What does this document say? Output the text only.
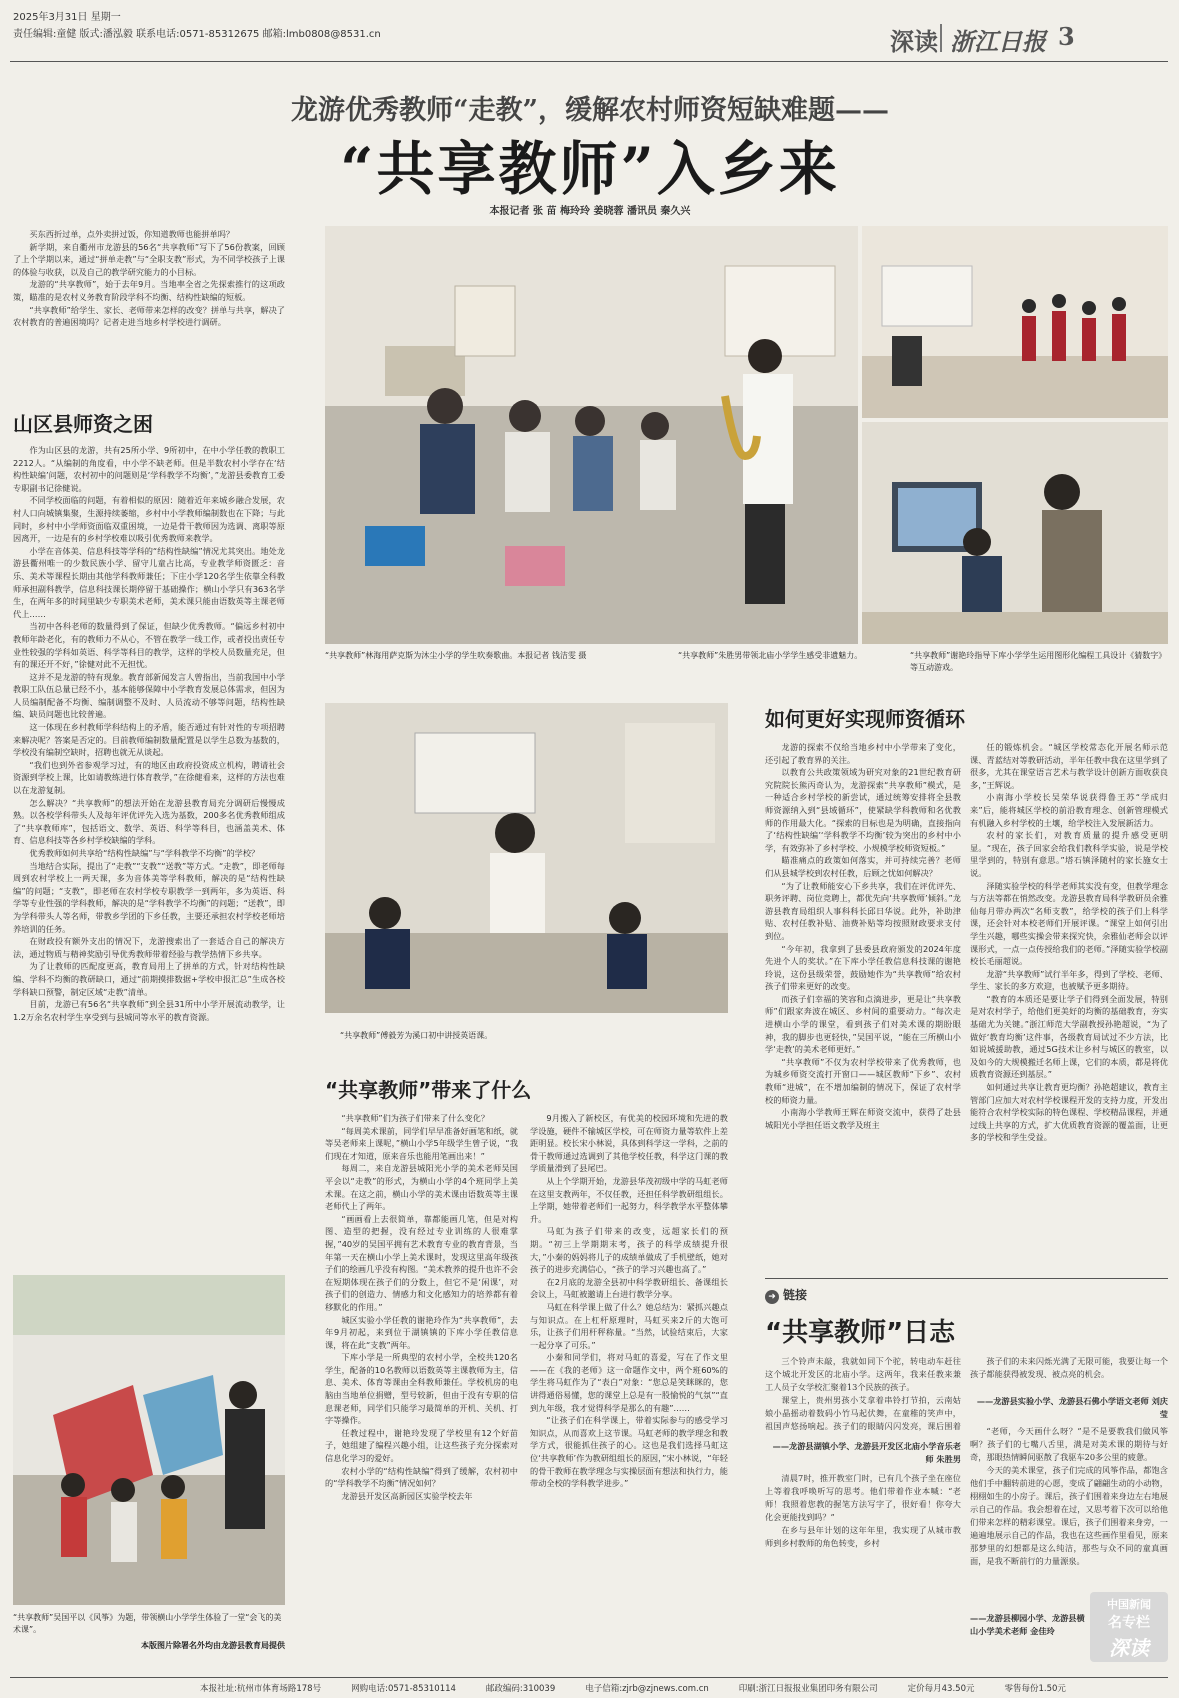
2025年3月31日 星期一
责任编辑:童健 版式:潘泓毅 联系电话:0571-85312675 邮箱:lmb0808@8531.cn	深读 浙江日报 3
龙游优秀教师“走教”，缓解农村师资短缺难题——
“共享教师”入乡来
本报记者 张 苗 梅玲玲 姜晓蓉 潘讯员 秦久兴

买东西折过单，点外卖拼过饭，你知道教师也能拼单吗？

新学期，来自衢州市龙游县的56名“共享教师”写下了56份教案，回顾了上个学期以来，通过“拼单走教”与“全职支教”形式，为不同学校孩子上课的体验与收获，以及自己的教学研究能力的小目标。

龙游的“共享教师”，始于去年9月。当地率全省之先探索推行的这项政策，瞄准的是农村义务教育阶段学科不均衡、结构性缺编的短板。

“共享教师”给学生、家长、老师带来怎样的改变？拼单与共享，解决了农村教育的普遍困境吗？记者走进当地乡村学校进行调研。

山区县师资之困

作为山区县的龙游，共有25所小学、9所初中，在中小学任教的教职工2212人。“从编制的角度看，中小学不缺老师。但是半数农村小学存在‘结构性缺编’问题，农村初中的问题则是‘学科教学不均衡’，”龙游县委教育工委专职副书记徐健说。

不同学校面临的问题，有着相似的原因：随着近年来城乡融合发展，农村人口向城镇集聚，生源持续萎缩，乡村中小学教师编制数也在下降；与此同时，乡村中小学师资面临双重困境，一边是骨干教师因为选调、离职等原因离开，一边是有的乡村学校难以吸引优秀教师来教学。

小学在音体美、信息科技等学科的“结构性缺编”情况尤其突出。地处龙游县衢州唯一的少数民族小学、留守儿童占比高，专业教学师资匮乏：音乐、美术等课程长期由其他学科教师兼任；下庄小学120名学生依靠全科教师承担副科教学，信息科技课长期停留于基础操作；横山小学只有363名学生，在两年多的时间里缺少专职美术老师，美术课只能由语数英等主课老师代上……

当初中各科老师的数量得到了保证，但缺少优秀教师。“偏远乡村初中教师年龄老化，有的教师力不从心，不管在教学一线工作，或者投出责任专业性较强的学科如英语、科学等科目的教学，这样的学校人员数量充足，但有的课还开不好，”徐健对此不无担忧。

这并不是龙游的特有现象。教育部新闻发言人曾指出，当前我国中小学教职工队伍总量已经不小，基本能够保障中小学教育发展总体需求，但因为人员编制配备不均衡、编制调整不及时、人员流动不够等问题，结构性缺编、缺员问题也比较普遍。

这一体现在乡村教师学科结构上的矛盾，能否通过有针对性的专项招聘来解决呢？答案是否定的。目前教师编制数量配置是以学生总数为基数的，学校没有编制空缺时，招聘也就无从谈起。

“我们也到外省参观学习过，有的地区由政府投资成立机构，聘请社会资源到学校上课，比如请教练进行体育教学，”在徐健看来，这样的方法也难以在龙游复制。

怎么解决？“共享教师”的想法开始在龙游县教育局充分调研后慢慢成熟。以各校学科带头人及每年评优评先入选为基数，200多名优秀教师组成了“共享教师库”，包括语文、数学、英语、科学等科目，也涵盖美术、体育、信息科技等各乡村学校缺编的学科。

优秀教师如何共享给“结构性缺编”与“学科教学不均衡”的学校？

当地结合实际，提出了“走教”“支教”“送教”等方式。“走教”，即老师每周到农村学校上一两天课，多为音体美等学科教师，解决的是“结构性缺编”的问题；“支教”，即老师在农村学校专职教学一到两年，多为英语、科学等专业性强的学科教师，解决的是“学科教学不均衡”的问题；“送教”，即为学科带头人等名师，带教乡学团的下乡任教，主要还承担农村学校老师培养培训的任务。

在财政投有额外支出的情况下，龙游搜索出了一套适合自己的解决方法，通过物质与精神奖励引导优秀教师带着经验与教学热情下乡共享。

为了让教师的匹配度更高，教育局用上了拼单的方式，针对结构性缺编、学科不均衡的教研缺口，通过“前期摸排数据+学校申报汇总”生成各校学科缺口预警，制定区域“走教”清单。

目前，龙游已有56名“共享教师”到全县31所中小学开展流动教学，让1.2万余名农村学生享受到与县城同等水平的教育资源。

“共享教师”林海用萨克斯为沐尘小学的学生吹奏歌曲。本报记者 钱洁雯 摄	“共享教师”朱胜男带领北庙小学学生感受非遗魅力。	“共享教师”谢艳玲指导下库小学学生运用图形化编程工具设计《猜数字》等互动游戏。
“共享教师”傅毅芳为溪口初中讲授英语课。
如何更好实现师资循环

龙游的探索不仅给当地乡村中小学带来了变化，还引起了教育界的关注。

以教育公共政策领域为研究对象的21世纪教育研究院院长熊丙奇认为，龙游探索“共享教师”模式，是一种适合乡村学校的新尝试，通过统筹安排将全县教师资源纳入到“县域循环”，使紧缺学科教师和名优教师的作用最大化。“探索的目标也是为明确，直接指向了‘结构性缺编’‘学科教学不均衡’较为突出的乡村中小学，有效弥补了乡村学校、小规模学校师资短板。”

瞄准痛点的政策如何落实，并可持续完善？老师们从县城学校到农村任教，后顾之忧如何解决？

“为了让教师能安心下乡共享，我们在评优评先、职务评聘、岗位竞聘上，都优先向‘共享教师’倾斜。”龙游县教育局组织人事科科长邱日华说。此外，补助津贴、农村任教补贴、油费补贴等均按照财政要求支付到位。

“今年初，我拿到了县委县政府颁发的2024年度先进个人的奖状。”在下库小学任教信息科技课的谢艳玲说，这份县级荣誉，鼓励她作为“共享教师”给农村孩子们带来更好的改变。

而孩子们幸福的笑容和点滴进步，更是让“共享教师”们跟家奔波在城区、乡村间的重要动力。“每次走进横山小学的课堂，看到孩子们对美术课的期盼眼神，我的脚步也更轻快，”吴国平说，“能在三所横山小学‘走教’的美术老师更好。”

“共享教师”不仅为农村学校带来了优秀教师，也为城乡师资交流打开窗口——城区教师“下乡”、农村教师“进城”，在不增加编制的情况下，保证了农村学校的师资力量。

小南海小学教师王辉在师资交流中，获得了赴县城阳光小学担任语文教学及班主

任的锻炼机会。“城区学校常态化开展名师示范课、青蓝结对等教研活动，半年任教中我在这里学到了很多，尤其在课堂语言艺术与教学设计创新方面收获良多，”王辉说。

小南海小学校长吴荣华说获得鲁王苏“学成归来”后，能将城区学校的前沿教育理念、创新管理模式有机融入乡村学校的土壤，给学校注入发展新活力。

农村的家长们，对教育质量的提升感受更明显。“现在，孩子回家会给我们教科学实验，说是学校里学到的，特别有意思。”塔石镇泽随村的家长施女士说。

泽随实验学校的科学老师其实没有变，但教学理念与方法等都在悄然改变。龙游县教育局科学教研员余雅仙每月带办两次“名师支教”，给学校的孩子们上科学课，还会针对本校老师们开展评课。“课堂上如何引出学生兴趣，哪些实操会带来探究快，余雅仙老师会以评课形式，一点一点传授给我们的老师。”泽随实验学校副校长毛丽超说。

龙游“共享教师”试行半年多，得到了学校、老师、学生、家长的多方欢迎，也被赋予更多期待。

“教育的本质还是要让学子们得到全面发展，特别是对农村学子，给他们更美好的均衡的基础教育，夯实基础尤为关键。”浙江师范大学副教授孙艳超说，“为了做好‘教育均衡’这件事，各级教育局试过不少方法，比如说城援助教，通过5G技术让乡村与城区的教室，以及如今的大规模搬迁名师上课，它们的本质，都是将优质教育资源还到基层。”

如何通过共享让教育更均衡？孙艳超建议，教育主管部门应加大对农村学校课程开发的支持力度，开发出能符合农村学校实际的特色课程、学校精品课程，并通过线上共享的方式，扩大优质教育资源的覆盖面，让更多的学校和学生受益。

“共享教师”吴国平以《风筝》为题，带领横山小学学生体验了一堂“会飞的美术课”。
本版图片除署名外均由龙游县教育局提供
“共享教师”带来了什么

“共享教师”们为孩子们带来了什么变化？

“每周美术课前，同学们早早准备好画笔和纸，就等吴老师来上课呢，”横山小学5年级学生曾子说，“我们现在才知道，原来音乐也能用笔画出来！”

每周二，来自龙游县城阳光小学的美术老师吴国平会以“走教”的形式，为横山小学的4个班同学上美术课。在这之前，横山小学的美术课由语数英等主课老师代上了两年。

“画画看上去很简单，靠都能画几笔，但是对构图、造型的把握，没有经过专业训练的人很难掌握，”40岁的吴国平拥有艺术教育专业的教育背景，当年第一天在横山小学上美术课时，发现这里高年级孩子们的绘画几乎没有构图。“美术教养的提升也许不会在短期体现在孩子们的分数上，但它不是‘闲课’，对孩子们的创造力、情感力和文化感知力的培养都有着移默化的作用。”

城区实验小学任教的谢艳玲作为“共享教师”，去年9月初起，来到位于湖镇镇的下库小学任教信息课，将在此“支教”两年。

下库小学是一所典型的农村小学，全校共120名学生，配备的10名教师以语数英等主课教师为主，信息、美术、体育等课由全科教师兼任。学校机房的电脑由当地单位捐赠，型号较新，但由于没有专职的信息课老师，同学们只能学习最简单的开机、关机、打字等操作。

任教过程中，谢艳玲发现了学校里有12个好苗子，她组建了编程兴趣小组，让这些孩子充分探索对信息化学习的爱好。

农村小学的“结构性缺编”得到了缓解，农村初中的“学科教学不均衡”情况如何？

龙游县开发区高新园区实验学校去年

9月搬入了新校区，有优美的校园环境和先进的教学设施，硬件不输城区学校，可在师资力量等软件上差距明显。校长宋小林说，具体到科学这一学科，之前的骨干教师通过选调到了其他学校任教，科学这门课的教学质量滑到了县尾巴。

从上个学期开始，龙游县华茂初级中学的马虹老师在这里支教两年，不仅任教，还担任科学教研组组长。上学期，她带着老师们一起努力，科学教学水平整体攀升。

马虹为孩子们带来的改变，远超家长们的预期。“初三上学期期末考，孩子的科学成绩提升很大，”小秦的妈妈将儿子的成绩单做成了手机壁纸，她对孩子的进步充满信心，“孩子的学习兴趣也高了。”

在2月底的龙游全县初中科学教研组长、备课组长会议上，马虹被邀请上台进行教学分享。

马虹在科学课上做了什么？她总结为：紧抓兴趣点与知识点。在上杠杆原理时，马虹买来2斤的大饱可乐，让孩子们用杆秤称量。“当然，试验结束后，大家一起分享了可乐。”

小秦和同学们，将对马虹的喜爱，写在了作文里——在《我的老师》这一命题作文中，两个班60%的学生将马虹作为了“表白”对象：“您总是笑眯眯的，您讲得通俗易懂，您的课堂上总是有一股愉悦的气氛”“直到九年级，我才觉得科学是那么的有趣”……

“让孩子们在科学课上，带着实际参与的感受学习知识点，从而喜欢上这节课。马虹老师的教学理念和教学方式，很能抓住孩子的心。这也是我们选择马虹这位‘共享教师’作为教研组组长的原因，”宋小林说，“年轻的骨干教师在教学理念与实操层面有想法和执行力，能带动全校的学科教学进步。”

➜ 链接
“共享教师”日志

三个铃声未敲，我就如同下个驼，转电动车赶往这个城北开发区的北庙小学。这两年，我来任教来兼工人员子女学校汇聚着13个民族的孩子。

课堂上，贵州男孩小艾拿着串铃打节拍，云南姑娘小晶摇动着数码小竹马起伏舞，在童稚的笑声中，祖国声悠扬响起。孩子们的眼睛闪闪发亮，课后围着

——龙游县湖镇小学、龙游县开发区北庙小学音乐老师 朱胜男

清晨7时，推开教室门时，已有几个孩子坐在座位上等着我呼唤听写的思考。他们带着作业本喊：“老师！我照着您教的握笔方法写字了，很好看！你夸大化会更能找到吗？”

在乡与县年计划的这年年里，我实现了从城市教师到乡村教师的角色转变，乡村

孩子们的未来闪烁光满了无限可能，我要让每一个孩子都能获得被发现、被点亮的机会。

——龙游县实验小学、龙游县石佛小学语文老师 刘庆莹

“老师，今天画什么呀？”是不是要教我们做风筝啊？孩子们的七嘴八舌里，满是对美术课的期待与好奇，那眼热情瞬间驱散了我驱车20多公里的疲惫。

今天的美术课堂，孩子们完成的风筝作品，都饱含他们手中翻转前进的心愿，变成了翩翩生动的小动物，栩栩如生的小房子。课后，孩子们围着来身边左右地展示自己的作品。我会想着在过，又思考着下次可以给他们带来怎样的精彩课堂。课后，孩子们围着来身旁，一遍遍地展示自己的作品，我也在这些画作里看见，原来那梦里的幻想都是这么纯洁，那些与众不同的童真画面，是我不断前行的力量源泉。

——龙游县柳园小学、龙游县横山小学美术老师 金佳玲
中国新闻
名专栏
深读
本报社址:杭州市体育场路178号	网购电话:0571-85310114	邮政编码:310039	电子信箱:zjrb@zjnews.com.cn	印刷:浙江日报报业集团印务有限公司	定价每月43.50元	零售每份1.50元
